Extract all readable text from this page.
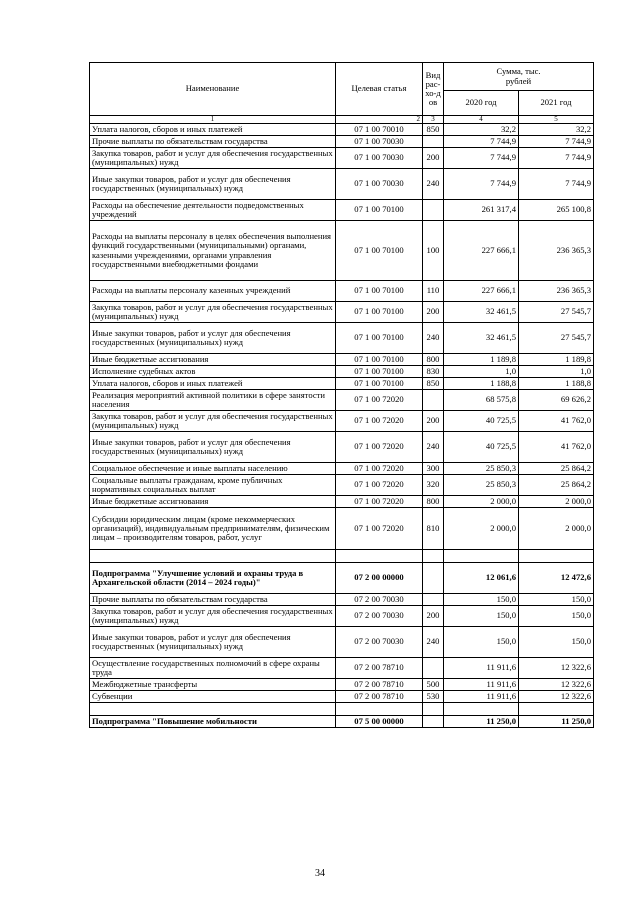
Наименование	Целевая статья	Вид рас-хо-дов	Сумма, тыс. рублей	
			2020 год	2021 год
1	2	3	4	5
Уплата налогов, сборов и иных платежей	07 1 00 70010	850	32,2	32,2
Прочие выплаты по обязательствам государства	07 1 00 70030		7 744,9	7 744,9
Закупка товаров, работ и услуг для обеспечения государственных (муниципальных) нужд	07 1 00 70030	200	7 744,9	7 744,9
Иные закупки товаров, работ и услуг для обеспечения государственных (муниципальных) нужд	07 1 00 70030	240	7 744,9	7 744,9
Расходы на обеспечение деятельности подведомственных учреждений	07 1 00 70100		261 317,4	265 100,8
Расходы на выплаты персоналу в целях обеспечения выполнения функций государственными (муниципальными) органами, казенными учреждениями, органами управления государственными внебюджетными фондами	07 1 00 70100	100	227 666,1	236 365,3
Расходы на выплаты персоналу казенных учреждений	07 1 00 70100	110	227 666,1	236 365,3
Закупка товаров, работ и услуг для обеспечения государственных (муниципальных) нужд	07 1 00 70100	200	32 461,5	27 545,7
Иные закупки товаров, работ и услуг для обеспечения государственных (муниципальных) нужд	07 1 00 70100	240	32 461,5	27 545,7
Иные бюджетные ассигнования	07 1 00 70100	800	1 189,8	1 189,8
Исполнение судебных актов	07 1 00 70100	830	1,0	1,0
Уплата налогов, сборов и иных платежей	07 1 00 70100	850	1 188,8	1 188,8
Реализация мероприятий активной политики в сфере занятости населения	07 1 00 72020		68 575,8	69 626,2
Закупка товаров, работ и услуг для обеспечения государственных (муниципальных) нужд	07 1 00 72020	200	40 725,5	41 762,0
Иные закупки товаров, работ и услуг для обеспечения государственных (муниципальных) нужд	07 1 00 72020	240	40 725,5	41 762,0
Социальное обеспечение и иные выплаты населению	07 1 00 72020	300	25 850,3	25 864,2
Социальные выплаты гражданам, кроме публичных нормативных социальных выплат	07 1 00 72020	320	25 850,3	25 864,2
Иные бюджетные ассигнования	07 1 00 72020	800	2 000,0	2 000,0
Субсидии юридическим лицам (кроме некоммерческих организаций), индивидуальным предпринимателям, физическим лицам – производителям товаров, работ, услуг	07 1 00 72020	810	2 000,0	2 000,0

Подпрограмма "Улучшение условий и охраны труда в Архангельской области (2014 – 2024 годы)"	07 2 00 00000		12 061,6	12 472,6
Прочие выплаты по обязательствам государства	07 2 00 70030		150,0	150,0
Закупка товаров, работ и услуг для обеспечения государственных (муниципальных) нужд	07 2 00 70030	200	150,0	150,0
Иные закупки товаров, работ и услуг для обеспечения государственных (муниципальных) нужд	07 2 00 70030	240	150,0	150,0
Осуществление государственных полномочий в сфере охраны труда	07 2 00 78710		11 911,6	12 322,6
Межбюджетные трансферты	07 2 00 78710	500	11 911,6	12 322,6
Субвенции	07 2 00 78710	530	11 911,6	12 322,6

Подпрограмма "Повышение мобильности	07 5 00 00000		11 250,0	11 250,0
34
